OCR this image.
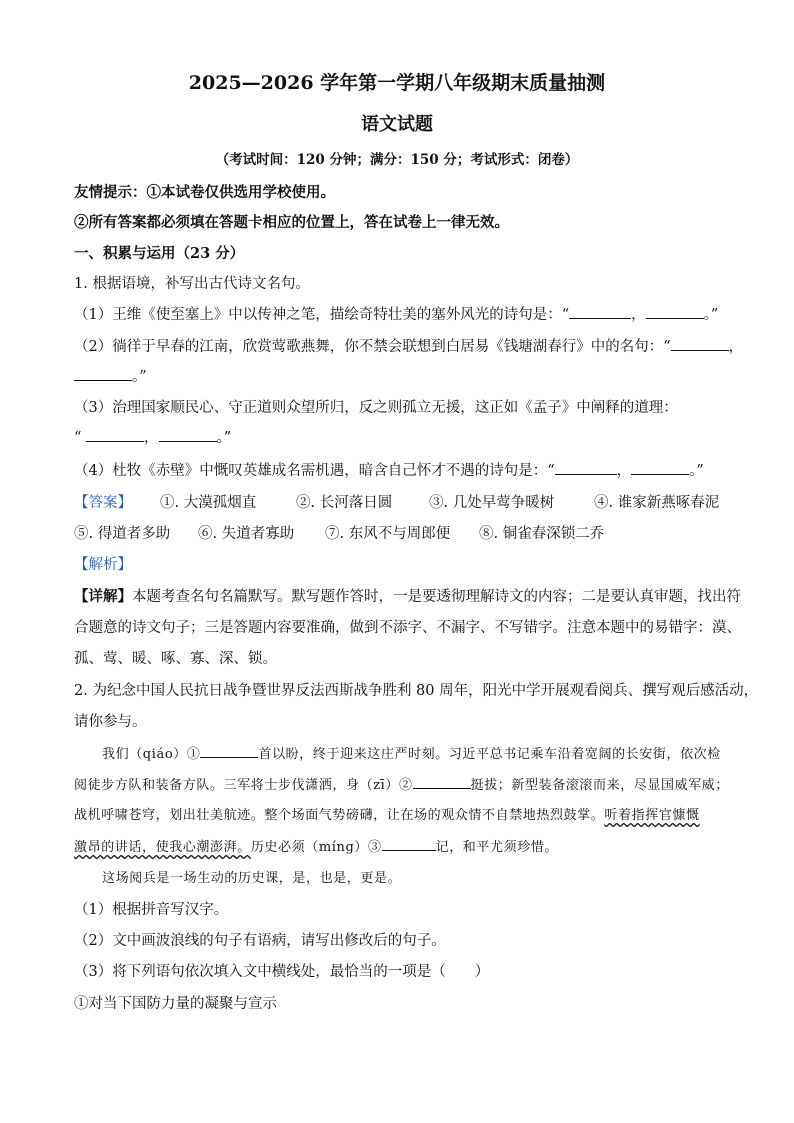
2025—2026 学年第一学期八年级期末质量抽测
语文试题
（考试时间：120 分钟；满分：150 分；考试形式：闭卷）
友情提示：①本试卷仅供选用学校使用。
②所有答案都必须填在答题卡相应的位置上，答在试卷上一律无效。
一、积累与运用（23 分）
1. 根据语境，补写出古代诗文名句。
（1）王维《使至塞上》中以传神之笔，描绘奇特壮美的塞外风光的诗句是：“	，	。”
（2）徜徉于早春的江南，欣赏莺歌燕舞，你不禁会联想到白居易《钱塘湖春行》中的名句：“	，
。”
（3）治理国家顺民心、守正道则众望所归，反之则孤立无援，这正如《孟子》中阐释的道理：
“	，	。”
（4）杜牧《赤壁》中慨叹英雄成名需机遇，暗含自己怀才不遇的诗句是：“	，	。”
【答案】 ①. 大漠孤烟直	②. 长河落日圆	③. 几处早莺争暖树	④. 谁家新燕啄春泥
⑤. 得道者多助 ⑥. 失道者寡助 ⑦. 东风不与周郎便 ⑧. 铜雀春深锁二乔
【解析】
【详解】本题考查名句名篇默写。默写题作答时，一是要透彻理解诗文的内容；二是要认真审题，找出符
合题意的诗文句子；三是答题内容要准确，做到不添字、不漏字、不写错字。注意本题中的易错字：漠、
孤、莺、暖、啄、寡、深、锁。
2. 为纪念中国人民抗日战争暨世界反法西斯战争胜利 80 周年，阳光中学开展观看阅兵、撰写观后感活动，
请你参与。
我们（qiáo）①	首以盼，终于迎来这庄严时刻。习近平总书记乘车沿着宽阔的长安街，依次检
阅徒步方队和装备方队。三军将士步伐潇洒，身（zī）②	挺拔；新型装备滚滚而来，尽显国威军威；
战机呼啸苍穹，划出壮美航迹。整个场面气势磅礴，让在场的观众情不自禁地热烈鼓掌。听着指挥官慷慨
激昂的讲话，使我心潮澎湃。历史必须（míng）③	记，和平尤须珍惜。
这场阅兵是一场生动的历史课，是，也是，更是。
（1）根据拼音写汉字。
（2）文中画波浪线的句子有语病，请写出修改后的句子。
（3）将下列语句依次填入文中横线处，最恰当的一项是（　　）
①对当下国防力量的凝聚与宣示
